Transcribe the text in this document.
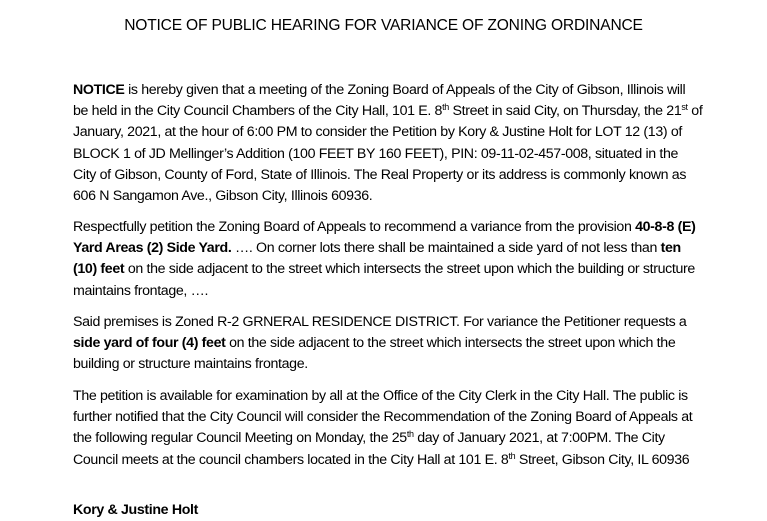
NOTICE OF PUBLIC HEARING FOR VARIANCE OF ZONING ORDINANCE

NOTICE is hereby given that a meeting of the Zoning Board of Appeals of the City of Gibson, Illinois will be held in the City Council Chambers of the City Hall, 101 E. 8th Street in said City, on Thursday, the 21st of January, 2021, at the hour of 6:00 PM to consider the Petition by Kory & Justine Holt for LOT 12 (13) of BLOCK 1 of JD Mellinger’s Addition (100 FEET BY 160 FEET), PIN: 09-11-02-457-008, situated in the City of Gibson, County of Ford, State of Illinois. The Real Property or its address is commonly known as 606 N Sangamon Ave., Gibson City, Illinois 60936.

Respectfully petition the Zoning Board of Appeals to recommend a variance from the provision 40-8-8 (E) Yard Areas (2) Side Yard. …. On corner lots there shall be maintained a side yard of not less than ten (10) feet on the side adjacent to the street which intersects the street upon which the building or structure maintains frontage, ….

Said premises is Zoned R-2 GRNERAL RESIDENCE DISTRICT. For variance the Petitioner requests a side yard of four (4) feet on the side adjacent to the street which intersects the street upon which the building or structure maintains frontage.

The petition is available for examination by all at the Office of the City Clerk in the City Hall. The public is further notified that the City Council will consider the Recommendation of the Zoning Board of Appeals at the following regular Council Meeting on Monday, the 25th day of January 2021, at 7:00PM. The City Council meets at the council chambers located in the City Hall at 101 E. 8th Street, Gibson City, IL 60936

Kory & Justine Holt
